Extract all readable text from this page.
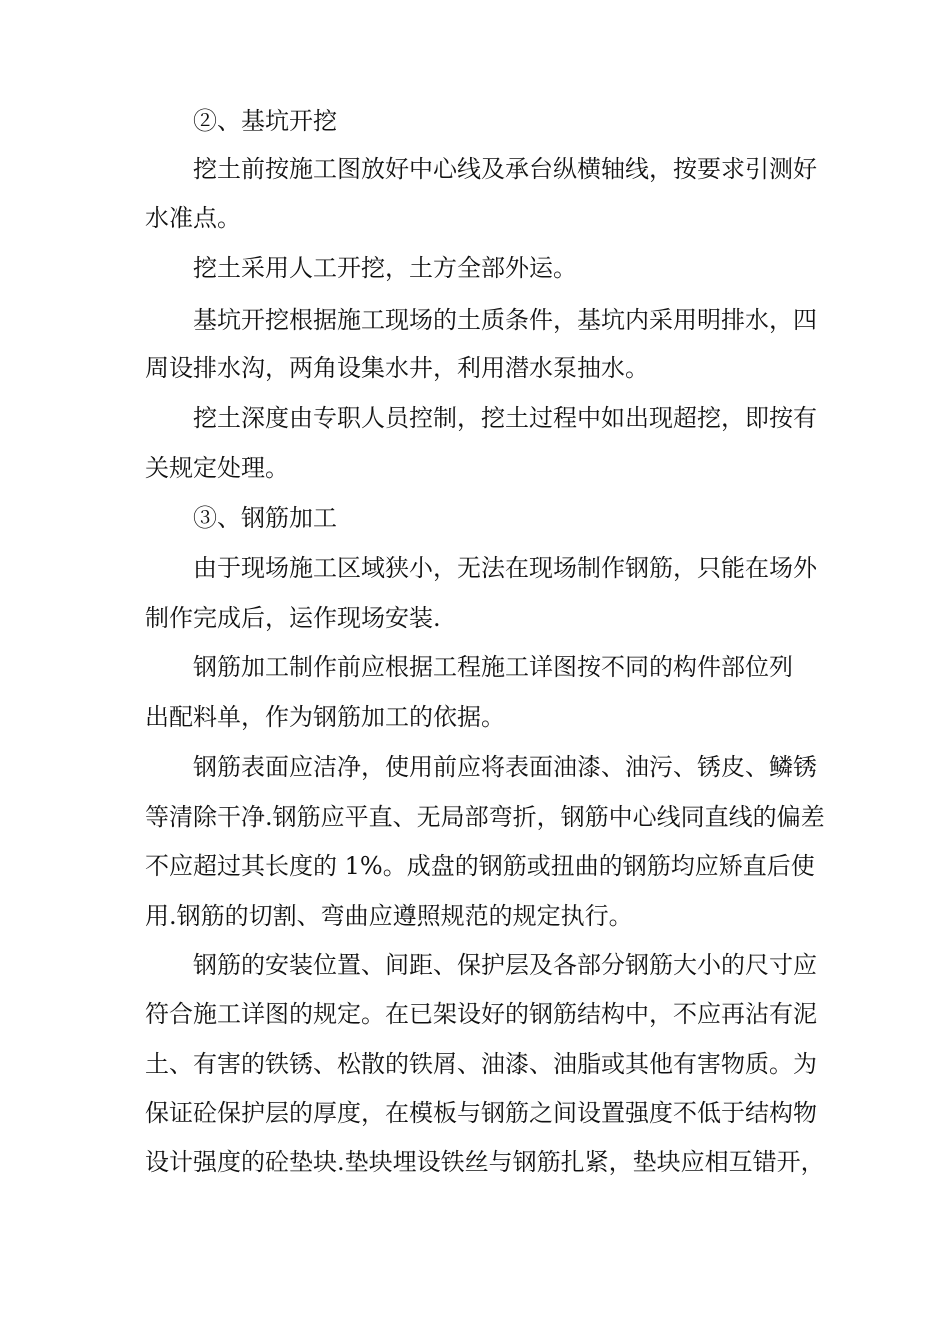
②、基坑开挖
挖土前按施工图放好中心线及承台纵横轴线，按要求引测好
水准点。
挖土采用人工开挖，土方全部外运。
基坑开挖根据施工现场的土质条件，基坑内采用明排水，四
周设排水沟，两角设集水井，利用潜水泵抽水。
挖土深度由专职人员控制，挖土过程中如出现超挖，即按有
关规定处理。
③、钢筋加工
由于现场施工区域狭小，无法在现场制作钢筋，只能在场外
制作完成后，运作现场安装.
钢筋加工制作前应根据工程施工详图按不同的构件部位列
出配料单，作为钢筋加工的依据。
钢筋表面应洁净，使用前应将表面油漆、油污、锈皮、鳞锈
等清除干净.钢筋应平直、无局部弯折，钢筋中心线同直线的偏差
不应超过其长度的 1%。成盘的钢筋或扭曲的钢筋均应矫直后使
用.钢筋的切割、弯曲应遵照规范的规定执行。
钢筋的安装位置、间距、保护层及各部分钢筋大小的尺寸应
符合施工详图的规定。在已架设好的钢筋结构中，不应再沾有泥
土、有害的铁锈、松散的铁屑、油漆、油脂或其他有害物质。为
保证砼保护层的厚度，在模板与钢筋之间设置强度不低于结构物
设计强度的砼垫块.垫块埋设铁丝与钢筋扎紧，垫块应相互错开，
